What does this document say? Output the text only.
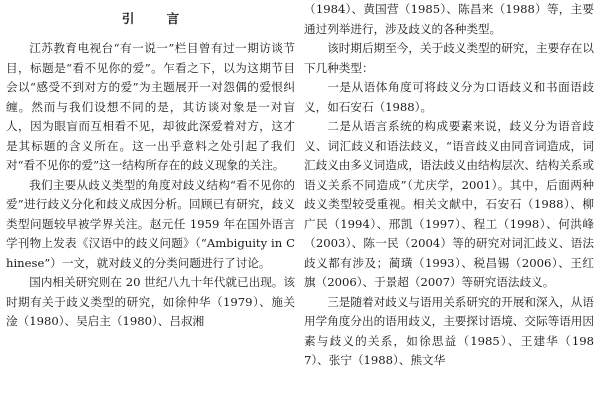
引 言

江苏教育电视台“有一说一”栏目曾有过一期访谈节目，标题是“看不见你的爱”。乍看之下，以为这期节目会以“感受不到对方的爱”为主题展开一对怨偶的爱恨纠缠。然而与我们设想不同的是，其访谈对象是一对盲人，因为眼盲而互相看不见，却彼此深爱着对方，这才是其标题的含义所在。这一出乎意料之处引起了我们对“看不见你的爱”这一结构所存在的歧义现象的关注。

我们主要从歧义类型的角度对歧义结构“看不见你的爱”进行歧义分化和歧义成因分析。回顾已有研究，歧义类型问题较早被学界关注。赵元任 1959 年在国外语言学刊物上发表《汉语中的歧义问题》（“Ambiguity in Chinese”）一文，就对歧义的分类问题进行了讨论。

国内相关研究则在 20 世纪八九十年代就已出现。该时期有关于歧义类型的研究，如徐仲华（1979）、施关淦（1980）、吴启主（1980）、吕叔湘

（1984）、黄国营（1985）、陈昌来（1988）等，主要通过列举进行，涉及歧义的各种类型。

该时期后期至今，关于歧义类型的研究，主要存在以下几种类型：

一是从语体角度可将歧义分为口语歧义和书面语歧义，如石安石（1988）。

二是从语言系统的构成要素来说，歧义分为语音歧义、词汇歧义和语法歧义，“语音歧义由同音词造成，词汇歧义由多义词造成，语法歧义由结构层次、结构关系或语义关系不同造成”（尤庆学，2001）。其中，后面两种歧义类型较受重视。相关文献中，石安石（1988）、柳广民（1994）、邢凯（1997）、程工（1998）、何洪峰（2003）、陈一民（2004）等的研究对词汇歧义、语法歧义都有涉及；蔺璜（1993）、税昌锡（2006）、王红旗（2006）、于景超（2007）等研究语法歧义。

三是随着对歧义与语用关系研究的开展和深入，从语用学角度分出的语用歧义，主要探讨语境、交际等语用因素与歧义的关系，如徐思益（1985）、王建华（1987）、张宁（1988）、熊文华
